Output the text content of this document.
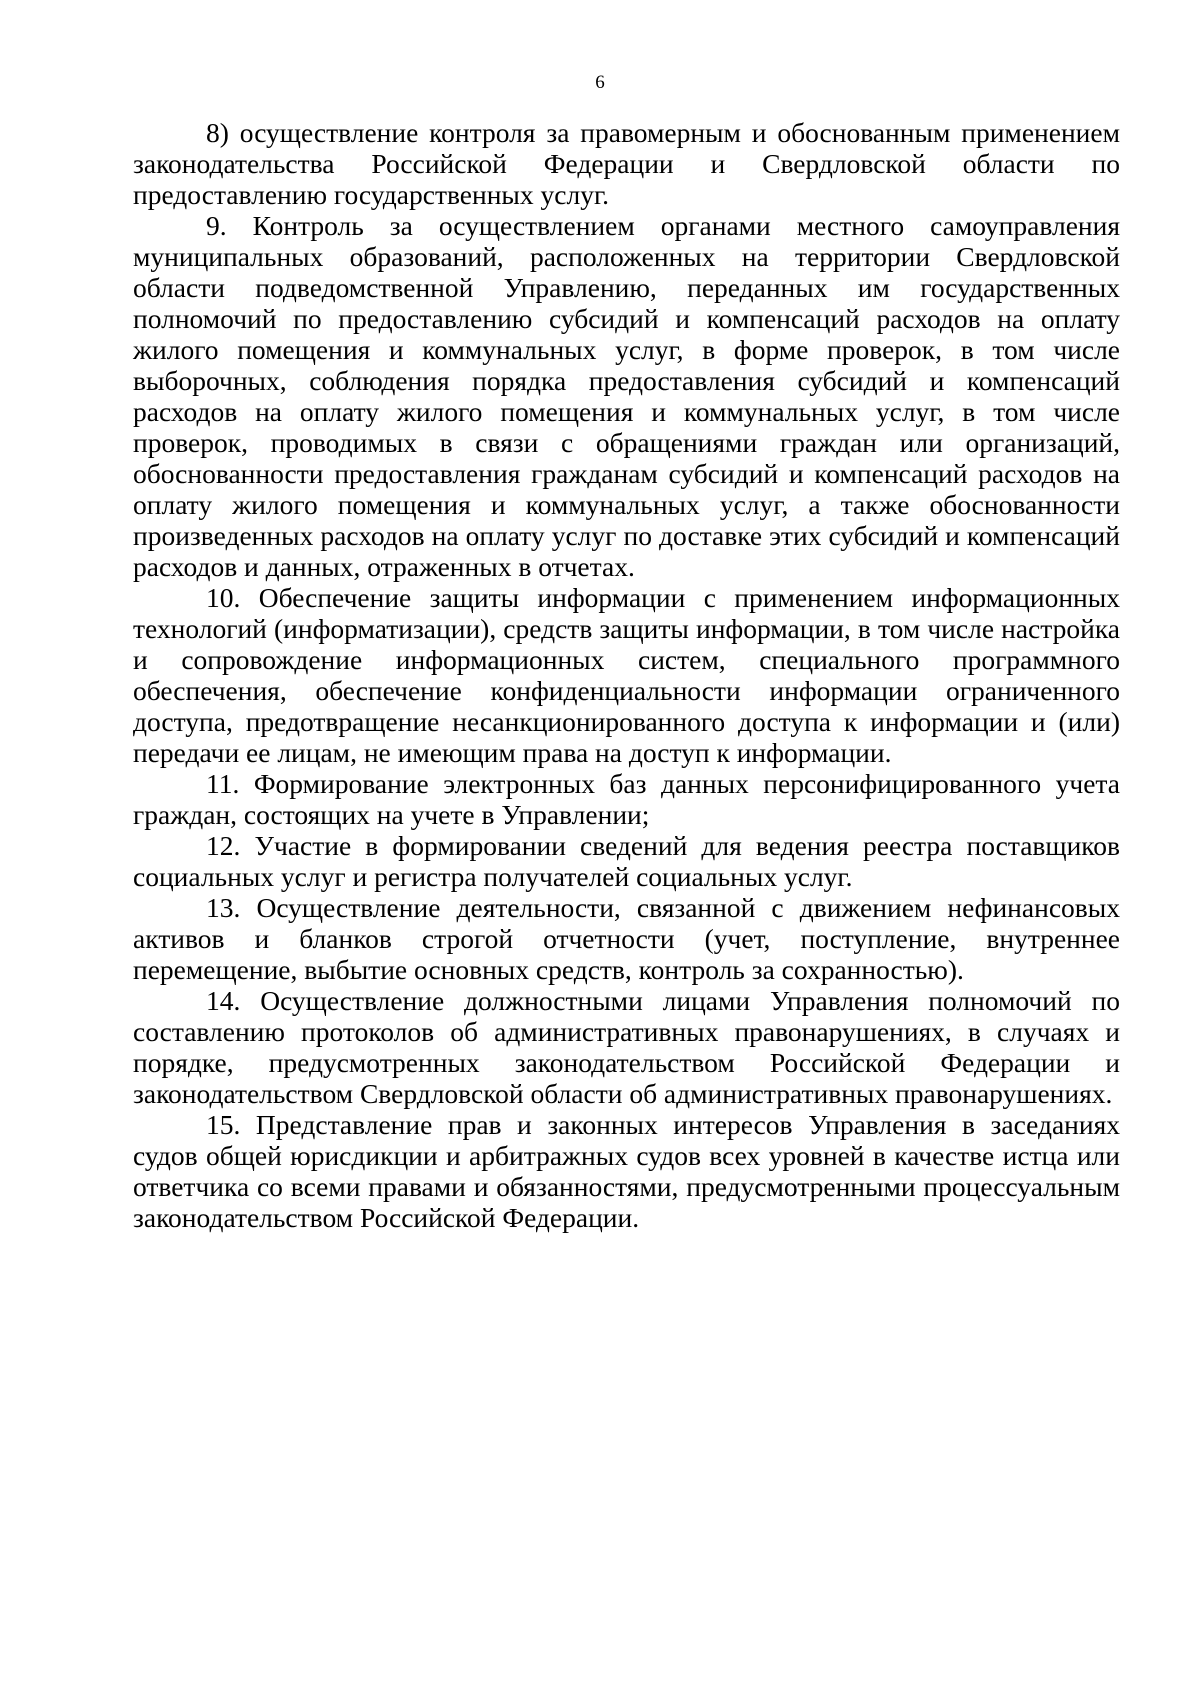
6

8) осуществление контроля за правомерным и обоснованным применением законодательства Российской Федерации и Свердловской области по предоставлению государственных услуг.

9. Контроль за осуществлением органами местного самоуправления муниципальных образований, расположенных на территории Свердловской области подведомственной Управлению, переданных им государственных полномочий по предоставлению субсидий и компенсаций расходов на оплату жилого помещения и коммунальных услуг, в форме проверок, в том числе выборочных, соблюдения порядка предоставления субсидий и компенсаций расходов на оплату жилого помещения и коммунальных услуг, в том числе проверок, проводимых в связи с обращениями граждан или организаций, обоснованности предоставления гражданам субсидий и компенсаций расходов на оплату жилого помещения и коммунальных услуг, а также обоснованности произведенных расходов на оплату услуг по доставке этих субсидий и компенсаций расходов и данных, отраженных в отчетах.

10. Обеспечение защиты информации с применением информационных технологий (информатизации), средств защиты информации, в том числе настройка и сопровождение информационных систем, специального программного обеспечения, обеспечение конфиденциальности информации ограниченного доступа, предотвращение несанкционированного доступа к информации и (или) передачи ее лицам, не имеющим права на доступ к информации.

11. Формирование электронных баз данных персонифицированного учета граждан, состоящих на учете в Управлении;

12. Участие в формировании сведений для ведения реестра поставщиков социальных услуг и регистра получателей социальных услуг.

13. Осуществление деятельности, связанной с движением нефинансовых активов и бланков строгой отчетности (учет, поступление, внутреннее перемещение, выбытие основных средств, контроль за сохранностью).

14. Осуществление должностными лицами Управления полномочий по составлению протоколов об административных правонарушениях, в случаях и порядке, предусмотренных законодательством Российской Федерации и законодательством Свердловской области об административных правонарушениях.

15. Представление прав и законных интересов Управления в заседаниях судов общей юрисдикции и арбитражных судов всех уровней в качестве истца или ответчика со всеми правами и обязанностями, предусмотренными процессуальным законодательством Российской Федерации.
